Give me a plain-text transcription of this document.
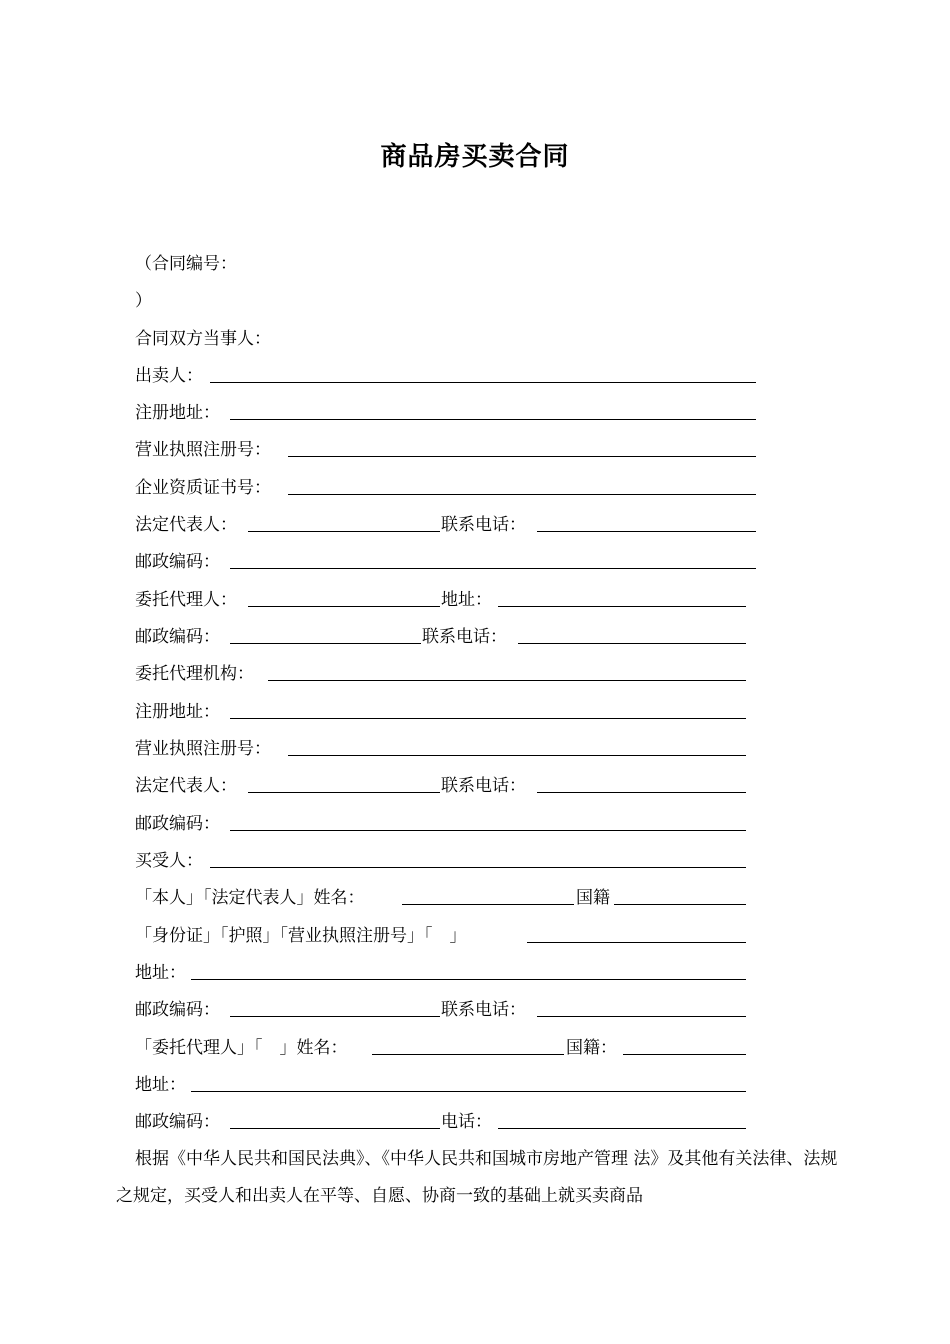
商品房买卖合同
（合同编号：
）
合同双方当事人：
出卖人：
注册地址：
营业执照注册号：
企业资质证书号：
法定代表人：	联系电话：
邮政编码：
委托代理人：	地址：
邮政编码：	联系电话：
委托代理机构：
注册地址：
营业执照注册号：
法定代表人：	联系电话：
邮政编码：
买受人：
「本人」「法定代表人」姓名：	国籍
「身份证」「护照」「营业执照注册号」「　」
地址：
邮政编码：	联系电话：
「委托代理人」「　」姓名：	国籍：
地址：
邮政编码：	电话：
根据《中华人民共和国民法典》、《中华人民共和国城市房地产管理 法》及其他有关法律、法规之规定，买受人和出卖人在平等、自愿、协商一致的基础上就买卖商品
